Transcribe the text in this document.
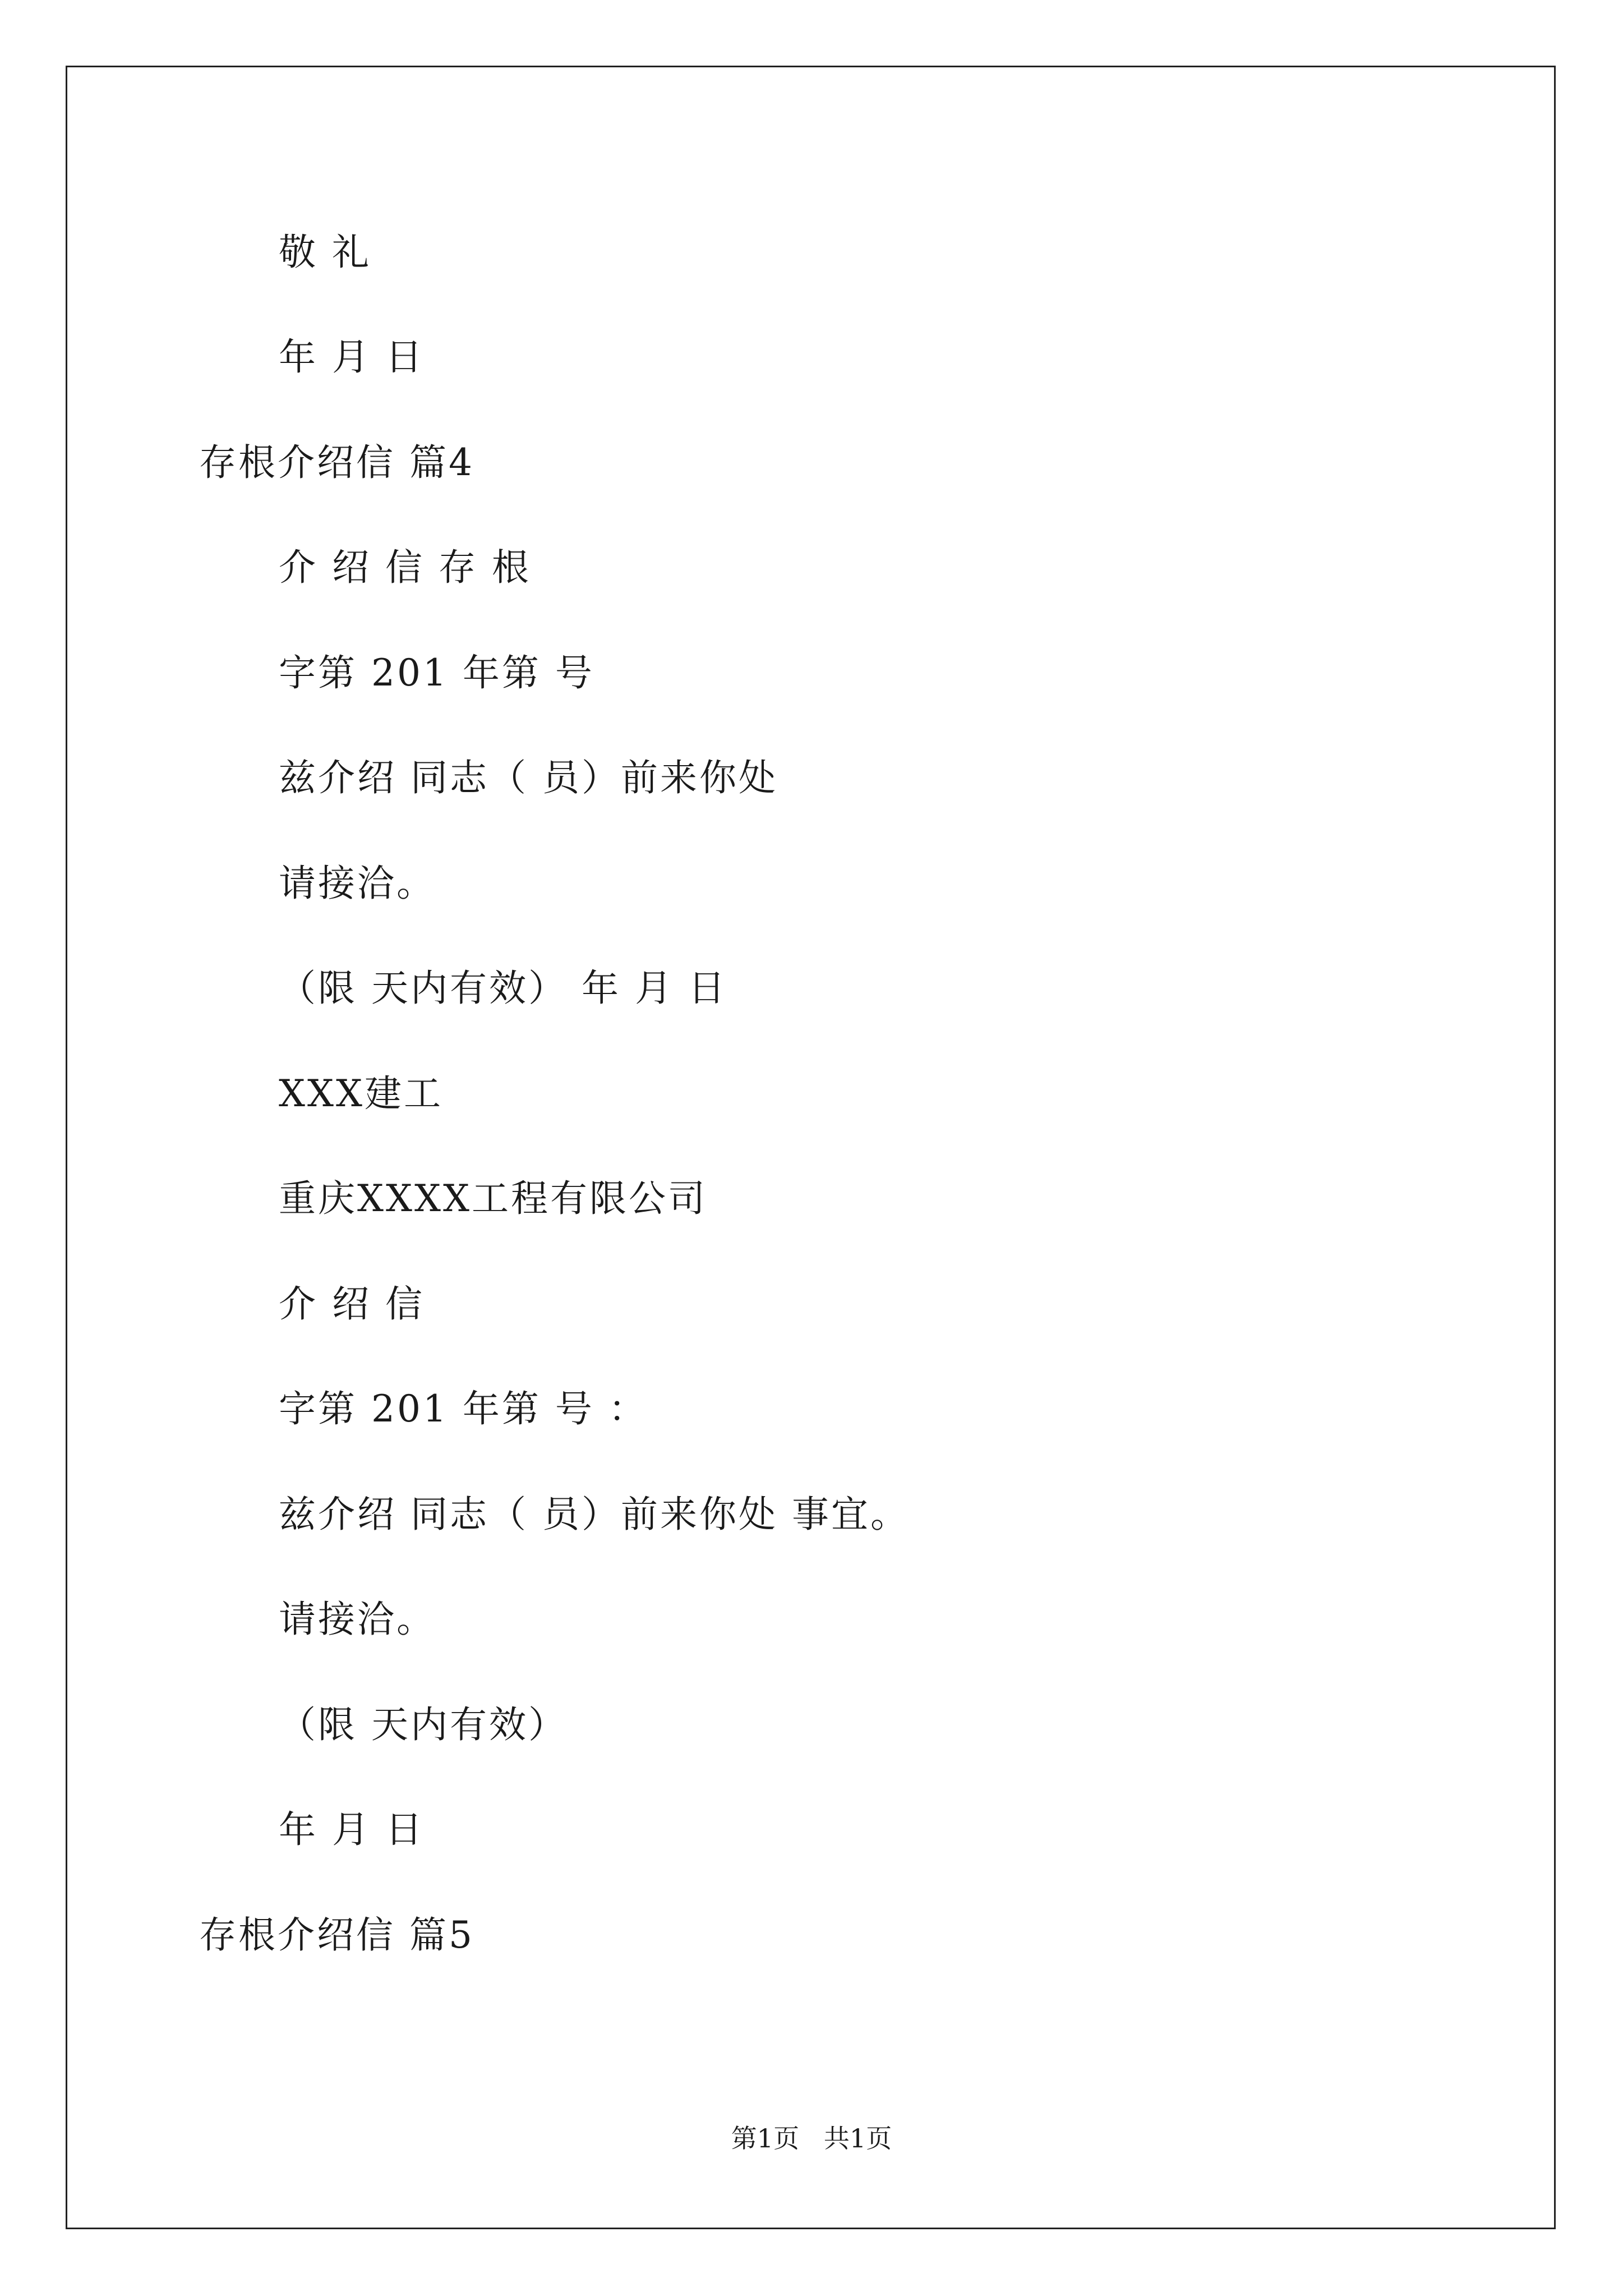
敬 礼
年 月 日
存根介绍信 篇4
介 绍 信 存 根
字第 201 年第 号
兹介绍 同志（ 员）前来你处
请接洽。
（限 天内有效） 年 月 日
XXX建工
重庆XXXX工程有限公司
介 绍 信
字第 201 年第 号 ：
兹介绍 同志（ 员）前来你处 事宜。
请接洽。
（限 天内有效）
年 月 日
存根介绍信 篇5
第1页   共1页
